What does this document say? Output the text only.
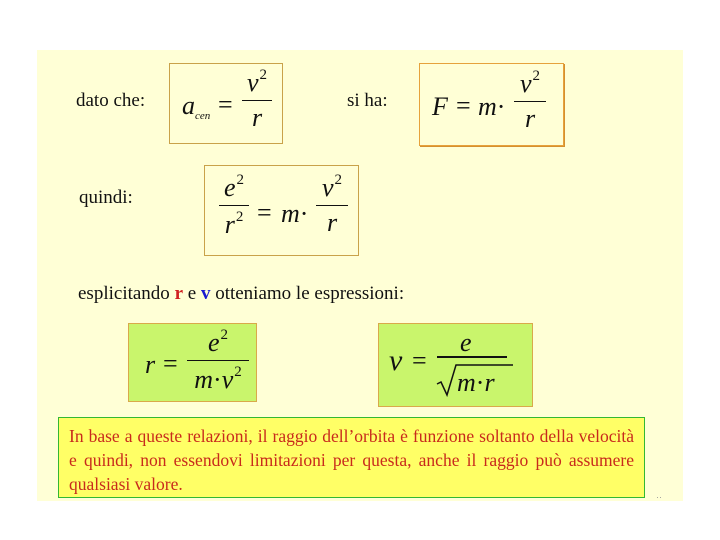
dato che: $a_{cen}$ =
$v^2$
r
si ha: F = m·
$v^2$
r
quindi:	$e^2$
$r^2 = m\cdot$
$v^2$
r
esplicitando r e v otteniamo le espressioni:
r =
$e^2$
$m\cdot v^2$	ν =
e
m·r
In base a queste relazioni, il raggio dell’orbita è funzione soltanto della velocità e quindi, non essendovi limitazioni per questa, anche il raggio può assumere qualsiasi valore.
··
